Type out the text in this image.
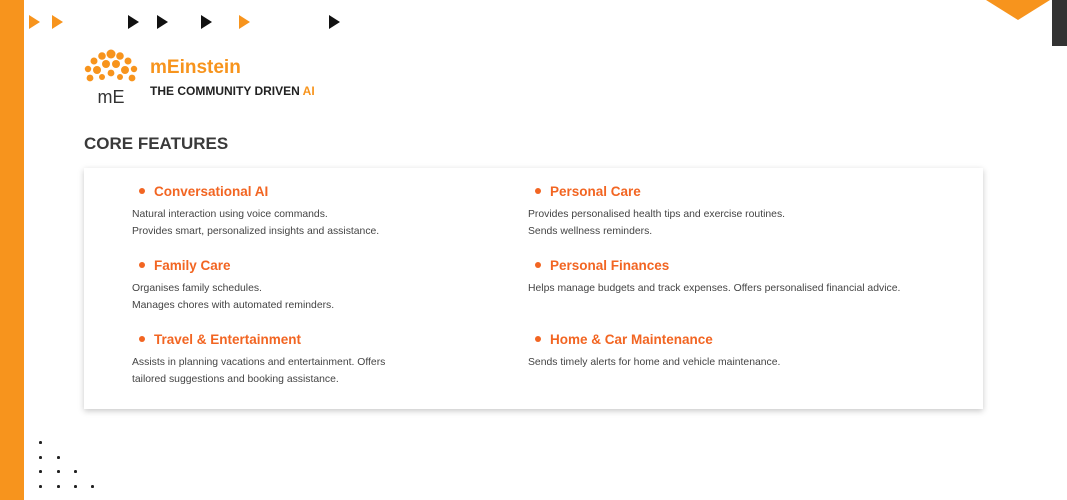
mE
mEinstein
THE COMMUNITY DRIVEN AI
CORE FEATURES
Conversational AI
Natural interaction using voice commands.
Provides smart, personalized insights and assistance.
Family Care
Organises family schedules.
Manages chores with automated reminders.
Travel & Entertainment
Assists in planning vacations and entertainment. Offers
tailored suggestions and booking assistance.
Personal Care
Provides personalised health tips and exercise routines.
Sends wellness reminders.
Personal Finances
Helps manage budgets and track expenses. Offers personalised financial advice.
Home & Car Maintenance
Sends timely alerts for home and vehicle maintenance.
